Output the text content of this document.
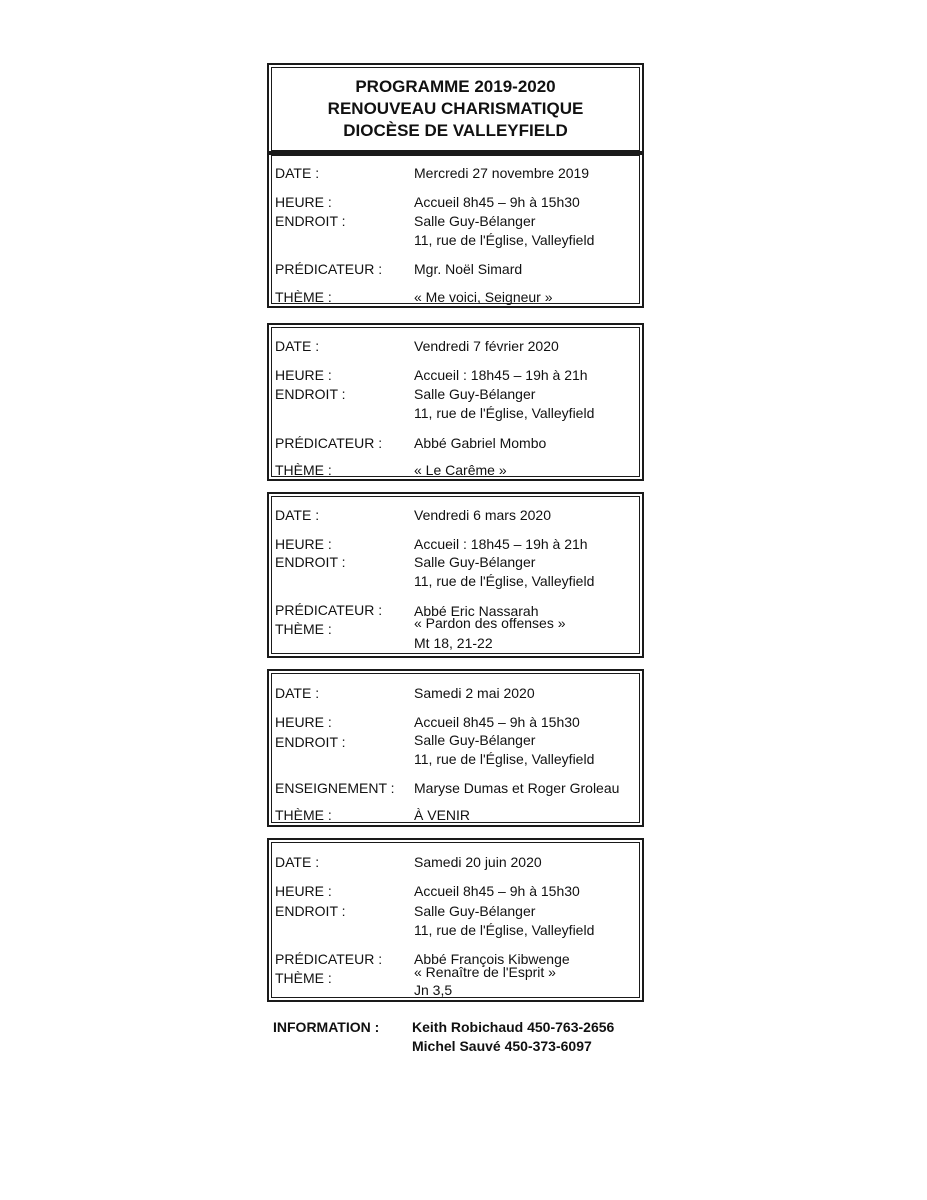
PROGRAMME 2019-2020
RENOUVEAU CHARISMATIQUE
DIOCÈSE DE VALLEYFIELD
DATE :	Mercredi 27 novembre 2019
HEURE :	Accueil 8h45 – 9h à 15h30
ENDROIT :	Salle Guy-Bélanger
11, rue de l'Église, Valleyfield
PRÉDICATEUR : Mgr. Noël Simard
THÈME :	« Me voici, Seigneur »
DATE :	Vendredi 7 février 2020
HEURE :	Accueil : 18h45 – 19h à 21h
ENDROIT :	Salle Guy-Bélanger
11, rue de l'Église, Valleyfield
PRÉDICATEUR : Abbé Gabriel Mombo
THÈME :	« Le Carême »
DATE :	Vendredi 6 mars 2020
HEURE :	Accueil : 18h45 – 19h à 21h
ENDROIT :	Salle Guy-Bélanger
11, rue de l'Église, Valleyfield
PRÉDICATEUR : Abbé Eric Nassarah
THÈME :	« Pardon des offenses »
Mt 18, 21-22
DATE :	Samedi 2 mai 2020
HEURE :	Accueil 8h45 – 9h à 15h30
ENDROIT :	Salle Guy-Bélanger
11, rue de l'Église, Valleyfield
ENSEIGNEMENT : Maryse Dumas et Roger Groleau
THÈME :	À VENIR
DATE :	Samedi 20 juin 2020
HEURE :	Accueil 8h45 – 9h à 15h30
ENDROIT :	Salle Guy-Bélanger
11, rue de l'Église, Valleyfield
PRÉDICATEUR : Abbé François Kibwenge
THÈME :	« Renaître de l'Esprit »
Jn 3,5
INFORMATION : Keith Robichaud 450-763-2656
Michel Sauvé 450-373-6097
